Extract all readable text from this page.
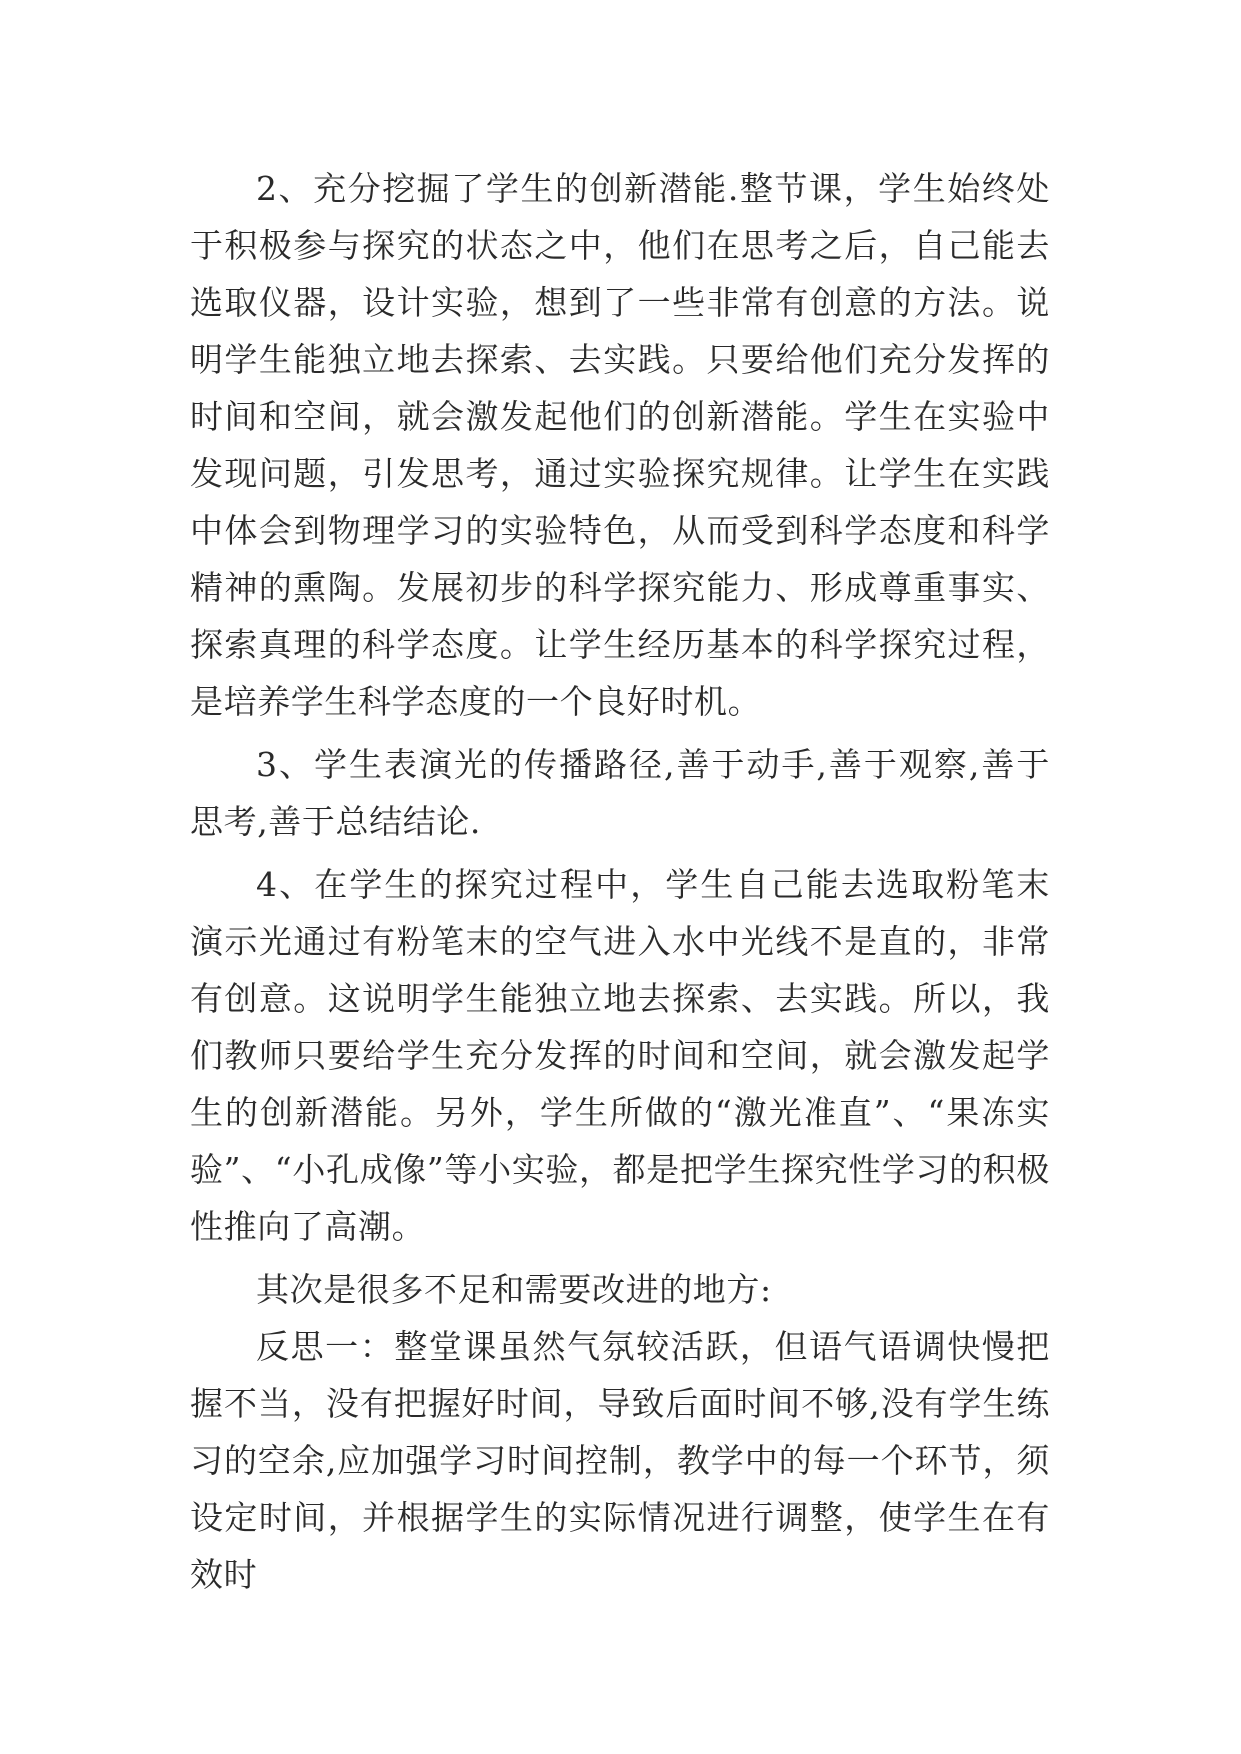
2、充分挖掘了学生的创新潜能.整节课，学生始终处于积极参与探究的状态之中，他们在思考之后，自己能去选取仪器，设计实验，想到了一些非常有创意的方法。说明学生能独立地去探索、去实践。只要给他们充分发挥的时间和空间，就会激发起他们的创新潜能。学生在实验中发现问题，引发思考，通过实验探究规律。让学生在实践中体会到物理学习的实验特色，从而受到科学态度和科学精神的熏陶。发展初步的科学探究能力、形成尊重事实、探索真理的科学态度。让学生经历基本的科学探究过程，是培养学生科学态度的一个良好时机。

3、学生表演光的传播路径,善于动手,善于观察,善于思考,善于总结结论.

4、在学生的探究过程中，学生自己能去选取粉笔末演示光通过有粉笔末的空气进入水中光线不是直的，非常有创意。这说明学生能独立地去探索、去实践。所以，我们教师只要给学生充分发挥的时间和空间，就会激发起学生的创新潜能。另外，学生所做的“激光准直”、“果冻实验”、“小孔成像”等小实验，都是把学生探究性学习的积极性推向了高潮。

其次是很多不足和需要改进的地方:

反思一：整堂课虽然气氛较活跃，但语气语调快慢把握不当，没有把握好时间，导致后面时间不够,没有学生练习的空余,应加强学习时间控制，教学中的每一个环节，须设定时间，并根据学生的实际情况进行调整，使学生在有效时
